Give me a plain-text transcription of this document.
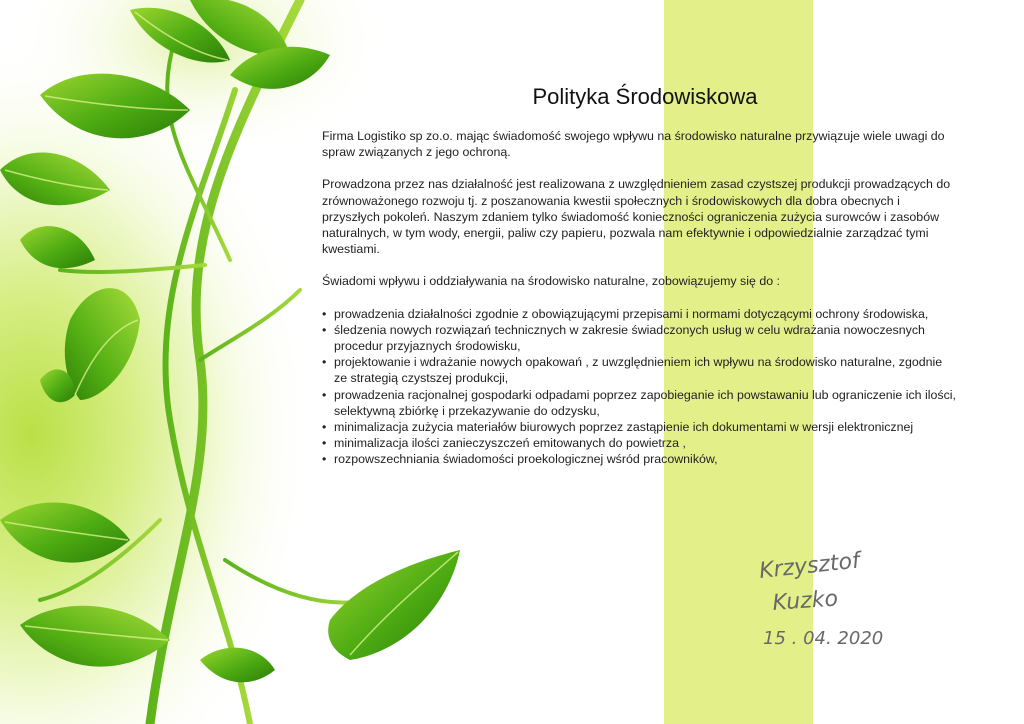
Polityka Środowiskowa

Firma Logistiko sp zo.o. mając świadomość swojego wpływu na środowisko naturalne przywiązuje wiele uwagi do spraw związanych z jego ochroną.

Prowadzona przez nas działalność jest realizowana z uwzględnieniem zasad czystszej produkcji prowadzących do zrównoważonego rozwoju tj. z poszanowania kwestii społecznych i środowiskowych dla dobra obecnych i przyszłych pokoleń. Naszym zdaniem tylko świadomość konieczności ograniczenia zużycia surowców i zasobów naturalnych, w tym wody, energii, paliw czy papieru, pozwala nam efektywnie i odpowiedzialnie zarządzać tymi kwestiami.

Świadomi wpływu i oddziaływania na środowisko naturalne, zobowiązujemy się do :

• prowadzenia działalności zgodnie z obowiązującymi przepisami i normami dotyczącymi ochrony środowiska,
• śledzenia nowych rozwiązań technicznych w zakresie świadczonych usług w celu wdrażania nowoczesnych procedur przyjaznych środowisku,
• projektowanie i wdrażanie nowych opakowań , z uwzględnieniem ich wpływu na środowisko naturalne, zgodnie ze strategią czystszej produkcji,
• prowadzenia racjonalnej gospodarki odpadami poprzez zapobieganie ich powstawaniu lub ograniczenie ich ilości, selektywną zbiórkę i przekazywanie do odzysku,
• minimalizacja zużycia materiałów biurowych poprzez zastąpienie ich dokumentami w wersji elektronicznej
• minimalizacja ilości zanieczyszczeń emitowanych do powietrza ,
• rozpowszechniania świadomości proekologicznej wśród pracowników,
Krzysztof
Kuzko
15 . 04. 2020
